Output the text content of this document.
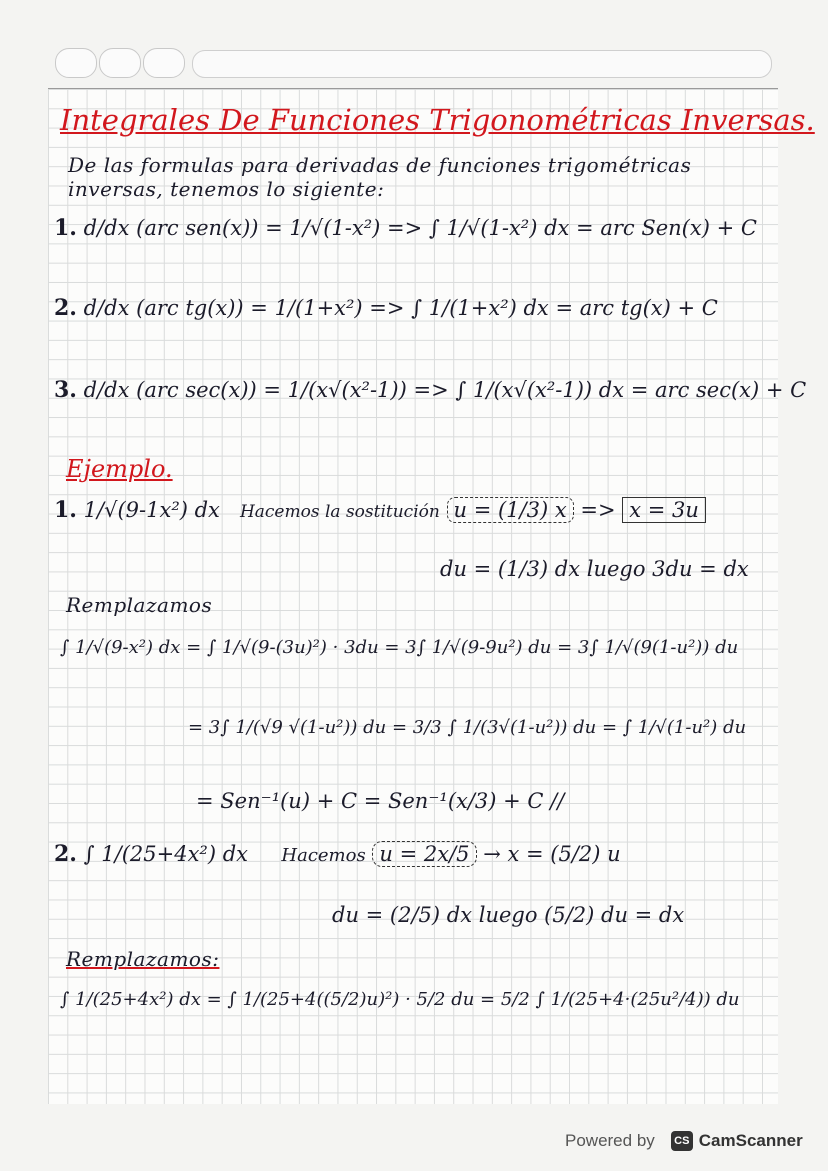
Integrales De Funciones Trigonométricas Inversas.
De las formulas para derivadas de funciones trigométricas
inversas, tenemos lo sigiente:
1. d/dx (arc sen(x)) = 1/√(1-x²) => ∫ 1/√(1-x²) dx = arc Sen(x) + C
2. d/dx (arc tg(x)) = 1/(1+x²) => ∫ 1/(1+x²) dx = arc tg(x) + C
3. d/dx (arc sec(x)) = 1/(x√(x²-1)) => ∫ 1/(x√(x²-1)) dx = arc sec(x) + C
Ejemplo.
1. 1/√(9-1x²) dx Hacemos la sostitución u = (1/3) x => x = 3u
du = (1/3) dx luego 3du = dx
Remplazamos
∫ 1/√(9-x²) dx = ∫ 1/√(9-(3u)²) · 3du = 3∫ 1/√(9-9u²) du = 3∫ 1/√(9(1-u²)) du
= 3∫ 1/(√9 √(1-u²)) du = 3/3 ∫ 1/(3√(1-u²)) du = ∫ 1/√(1-u²) du
= Sen⁻¹(u) + C = Sen⁻¹(x/3) + C //
2. ∫ 1/(25+4x²) dx Hacemos u = 2x/5 → x = (5/2) u
du = (2/5) dx luego (5/2) du = dx
Remplazamos:
∫ 1/(25+4x²) dx = ∫ 1/(25+4((5/2)u)²) · 5/2 du = 5/2 ∫ 1/(25+4·(25u²/4)) du
Powered by	CS CamScanner
